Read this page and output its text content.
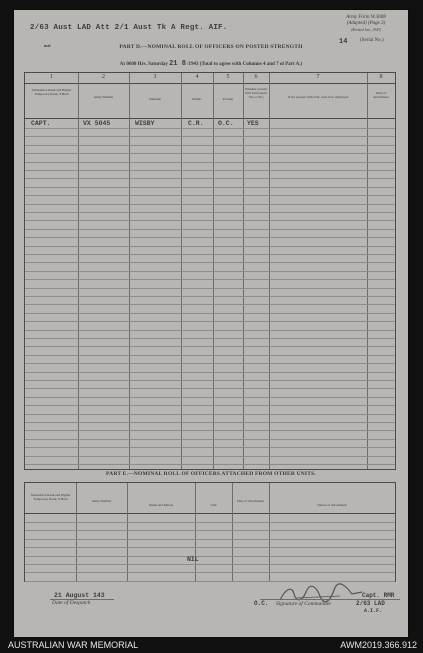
Army Form W.3008
(Adapted) (Page 3)
(Revised Jan., 1943)
2/63 Aust LAD Att 2/1 Aust Tk A Regt. AIF.
mal	14	(Serial No.)
PART D.—NOMINAL ROLL OF OFFICERS ON POSTED STRENGTH
At 0600 Hrs. Saturday 21 8 /1943 (Total to agree with Columns 4 and 7 of Part A.)
1	2	3	4	5	6	7	8
Substantive Rank and Higher Temporary Rank, if Held
Army Number	Surname	Initials	Posting
Whether present with Unit (insert Yes or No)	If not present with Unit, state how employed
Date of Attachment
CAPT.	VX 5045	WISBY	C.R. O.C. YES
PART E.—NOMINAL ROLL OF OFFICERS ATTACHED FROM OTHER UNITS.
Substantive Rank and Higher Temporary Rank, if Held	Army Number
Name and Initials	Unit
Date of Attachment
Nature of Attachment
NIL
21 August 143
Date of Despatch	Signature of Commander
O.C.
Capt. RMR
2/63 LAD
A.I.F.
AUSTRALIAN WAR MEMORIAL	AWM2019.366.912
